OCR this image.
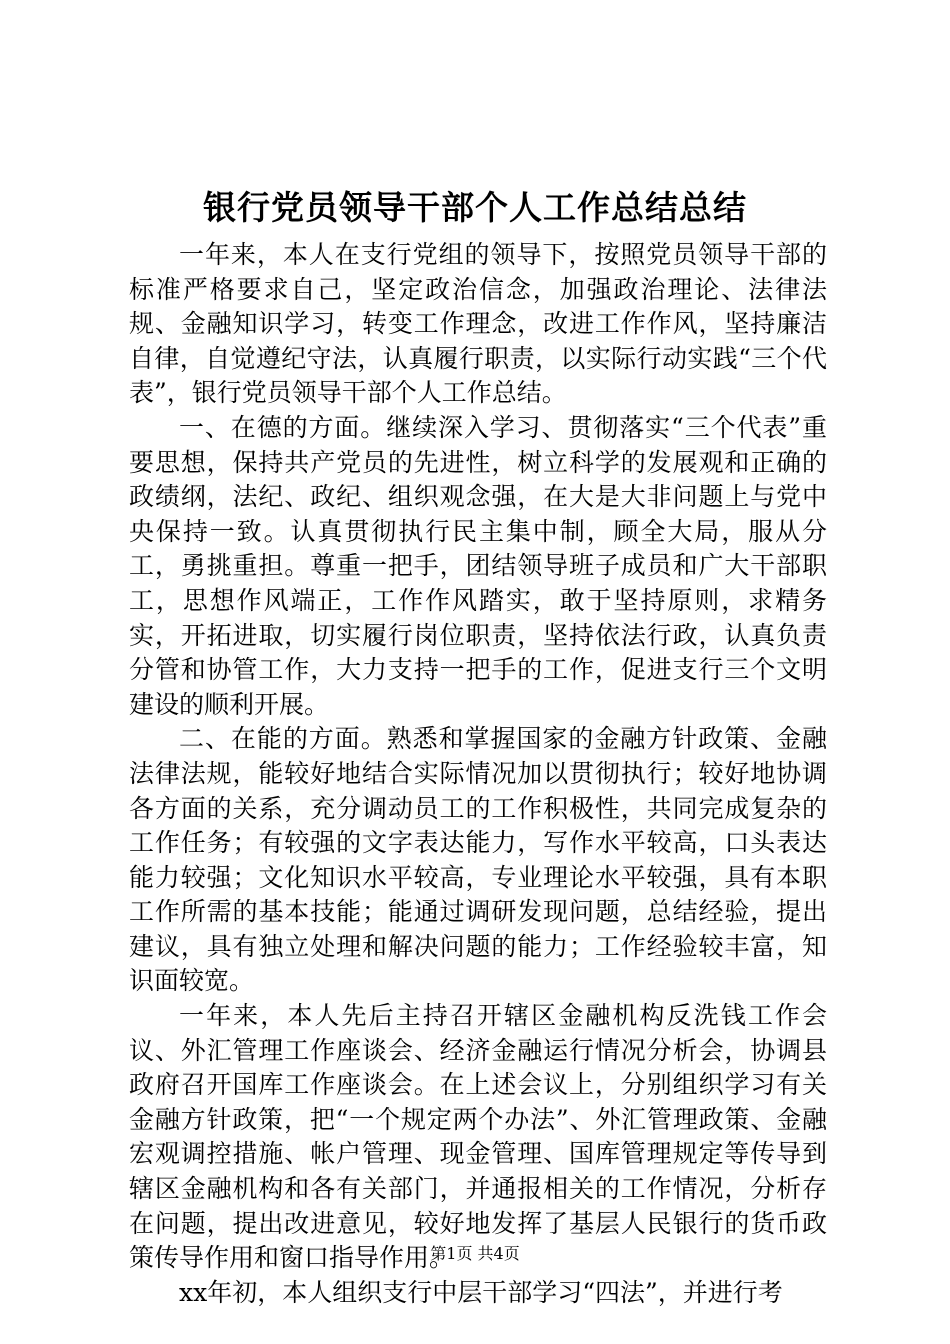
银行党员领导干部个人工作总结总结

一年来，本人在支行党组的领导下，按照党员领导干部的标准严格要求自己，坚定政治信念，加强政治理论、法律法规、金融知识学习，转变工作理念，改进工作作风，坚持廉洁自律，自觉遵纪守法，认真履行职责，以实际行动实践“三个代表”，银行党员领导干部个人工作总结。

一、在德的方面。继续深入学习、贯彻落实“三个代表”重要思想，保持共产党员的先进性，树立科学的发展观和正确的政绩纲，法纪、政纪、组织观念强，在大是大非问题上与党中央保持一致。认真贯彻执行民主集中制，顾全大局，服从分工，勇挑重担。尊重一把手，团结领导班子成员和广大干部职工，思想作风端正，工作作风踏实，敢于坚持原则，求精务实，开拓进取，切实履行岗位职责，坚持依法行政，认真负责分管和协管工作，大力支持一把手的工作，促进支行三个文明建设的顺利开展。

二、在能的方面。熟悉和掌握国家的金融方针政策、金融法律法规，能较好地结合实际情况加以贯彻执行；较好地协调各方面的关系，充分调动员工的工作积极性，共同完成复杂的工作任务；有较强的文字表达能力，写作水平较高，口头表达能力较强；文化知识水平较高，专业理论水平较强，具有本职工作所需的基本技能；能通过调研发现问题，总结经验，提出建议，具有独立处理和解决问题的能力；工作经验较丰富，知识面较宽。

一年来，本人先后主持召开辖区金融机构反洗钱工作会议、外汇管理工作座谈会、经济金融运行情况分析会，协调县政府召开国库工作座谈会。在上述会议上，分别组织学习有关金融方针政策，把“一个规定两个办法”、外汇管理政策、金融宏观调控措施、帐户管理、现金管理、国库管理规定等传导到辖区金融机构和各有关部门，并通报相关的工作情况，分析存在问题，提出改进意见，较好地发挥了基层人民银行的货币政策传导作用和窗口指导作用。

xx年初，本人组织支行中层干部学习“四法”，并进行考

第1页 共4页
